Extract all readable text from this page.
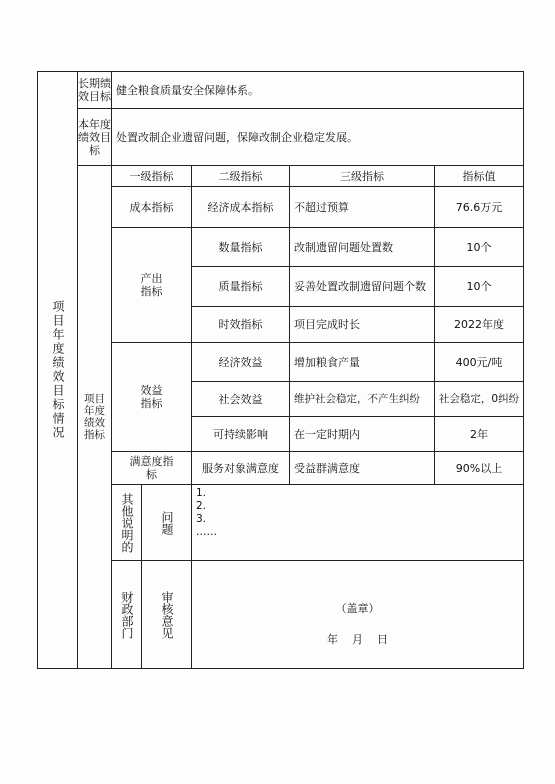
项目年度绩效目标情况	长期绩效目标	健全粮食质量安全保障体系。				
	本年度绩效目标	处置改制企业遗留问题，保障改制企业稳定发展。				

	项目年度绩效指标	一级指标		二级指标	三级指标	指标值
		成本指标		经济成本指标	不超过预算	76.6万元

		产出指标		数量指标	改制遗留问题处置数	10个
				质量指标	妥善处置改制遗留问题个数	10个
				时效指标	项目完成时长	2022年度

		效益指标		经济效益	增加粮食产量	400元/吨
				社会效益	维护社会稳定，不产生纠纷	社会稳定，0纠纷
				可持续影响	在一定时期内	2年

		满意度指标		服务对象满意度	受益群满意度	90%以上

		其他说明的	问题	1.
2.
3.
……		

		财政部门	审核意见	（盖章）
年    月    日		
